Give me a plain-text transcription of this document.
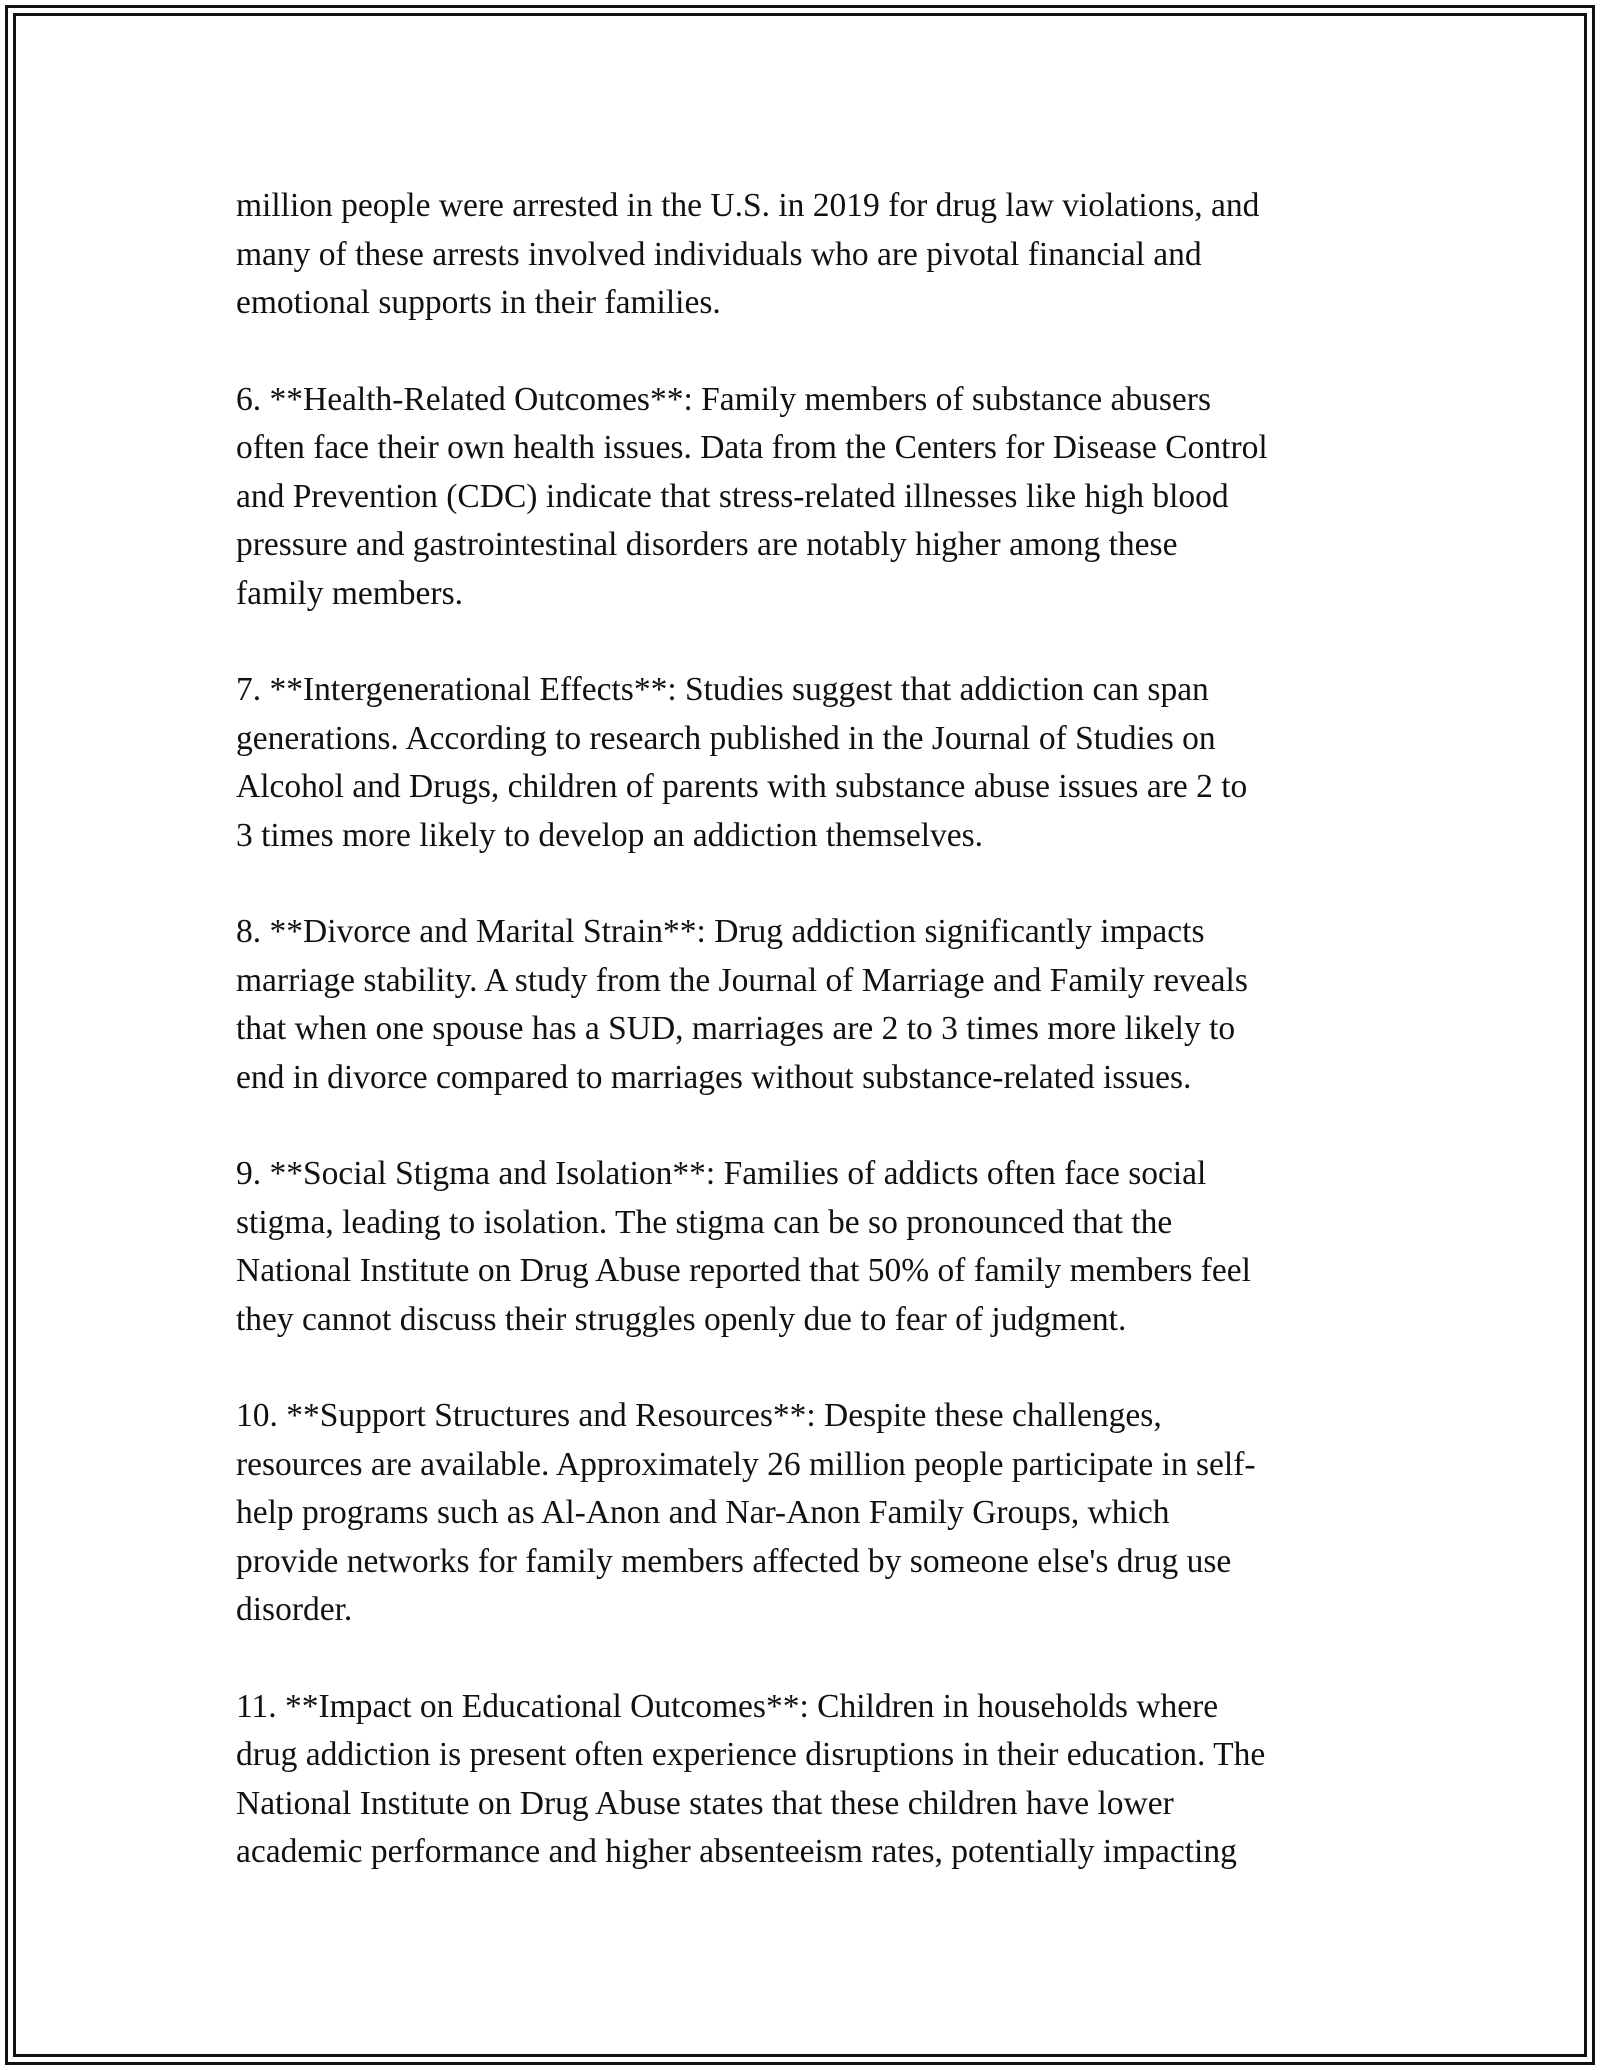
million people were arrested in the U.S. in 2019 for drug law violations, and
many of these arrests involved individuals who are pivotal financial and
emotional supports in their families.

6. **Health-Related Outcomes**: Family members of substance abusers
often face their own health issues. Data from the Centers for Disease Control
and Prevention (CDC) indicate that stress-related illnesses like high blood
pressure and gastrointestinal disorders are notably higher among these
family members.

7. **Intergenerational Effects**: Studies suggest that addiction can span
generations. According to research published in the Journal of Studies on
Alcohol and Drugs, children of parents with substance abuse issues are 2 to
3 times more likely to develop an addiction themselves.

8. **Divorce and Marital Strain**: Drug addiction significantly impacts
marriage stability. A study from the Journal of Marriage and Family reveals
that when one spouse has a SUD, marriages are 2 to 3 times more likely to
end in divorce compared to marriages without substance-related issues.

9. **Social Stigma and Isolation**: Families of addicts often face social
stigma, leading to isolation. The stigma can be so pronounced that the
National Institute on Drug Abuse reported that 50% of family members feel
they cannot discuss their struggles openly due to fear of judgment.

10. **Support Structures and Resources**: Despite these challenges,
resources are available. Approximately 26 million people participate in self-
help programs such as Al-Anon and Nar-Anon Family Groups, which
provide networks for family members affected by someone else's drug use
disorder.

11. **Impact on Educational Outcomes**: Children in households where
drug addiction is present often experience disruptions in their education. The
National Institute on Drug Abuse states that these children have lower
academic performance and higher absenteeism rates, potentially impacting
